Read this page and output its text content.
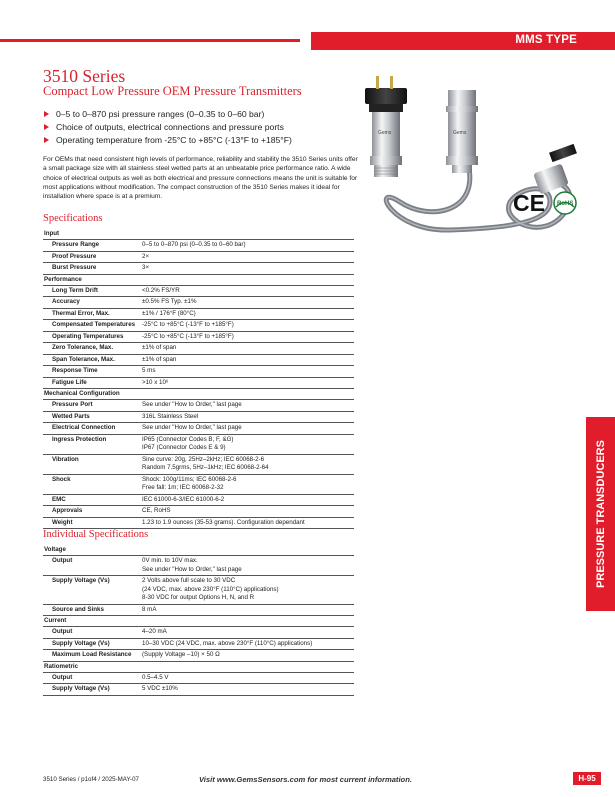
MMS TYPE
PRESSURE TRANSDUCERS
3510 Series
Compact Low Pressure OEM Pressure Transmitters
0–5 to 0–870 psi pressure ranges (0–0.35 to 0–60 bar)
Choice of outputs, electrical connections and pressure ports
Operating temperature from -25°C to +85°C (-13°F to +185°F)

For OEMs that need consistent high levels of performance, reliability and stability the 3510 Series units offer a small package size with all stainless steel wetted parts at an unbeatable price performance ratio. A wide choice of electrical outputs as well as both electrical and pressure connections means the unit is suitable for most applications without modification. The compact construction of the 3510 Series makes it ideal for installation where space is at a premium.

Gems	Gems
CE RoHS
Specifications
Input
Pressure Range	0–5 to 0–870 psi (0–0.35 to 0–60 bar)
Proof Pressure	2×
Burst Pressure	3×
Performance
Long Term Drift	<0.2% FS/YR
Accuracy	±0.5% FS Typ. ±1%
Thermal Error, Max.	±1% / 176°F (80°C)
Compensated Temperatures	-25°C to +85°C (-13°F to +185°F)
Operating Temperatures	-25°C to +85°C (-13°F to +185°F)
Zero Tolerance, Max.	±1% of span
Span Tolerance, Max.	±1% of span
Response Time	5 ms
Fatigue Life	>10 x 10⁶
Mechanical Configuration
Pressure Port	See under "How to Order," last page
Wetted Parts	316L Stainless Steel
Electrical Connection	See under "How to Order," last page
Ingress Protection	IP65 (Connector Codes B, F, &G)
IP67 (Connector Codes E & 9)
Vibration	Sine curve: 20g, 25Hz–2kHz; IEC 60068-2-6
Random 7.5grms, 5Hz–1kHz; IEC 60068-2-64
Shock	Shock: 100g/11ms; IEC 60068-2-6
Free fall: 1m; IEC 60068-2-32
EMC	IEC 61000-6-3/IEC 61000-6-2
Approvals	CE, RoHS
Weight	1.23 to 1.9 ounces (35-53 grams). Configuration dependant
Individual Specifications
Voltage
Output	0V min. to 10V max.
See under "How to Order," last page
Supply Voltage (Vs)	2 Volts above full scale to 30 VDC
(24 VDC, max. above 230°F (110°C) applications)
8-30 VDC for output Options H, N, and R
Source and Sinks	8 mA
Current
Output	4–20 mA
Supply Voltage (Vs)	10–30 VDC (24 VDC, max. above 230°F (110°C) applications)
Maximum Load Resistance	(Supply Voltage –10) × 50 Ω
Ratiometric
Output	0.5–4.5 V
Supply Voltage (Vs)	5 VDC ±10%
3510 Series / p1of4 / 2025-MAY-07	Visit www.GemsSensors.com for most current information.	H-95
